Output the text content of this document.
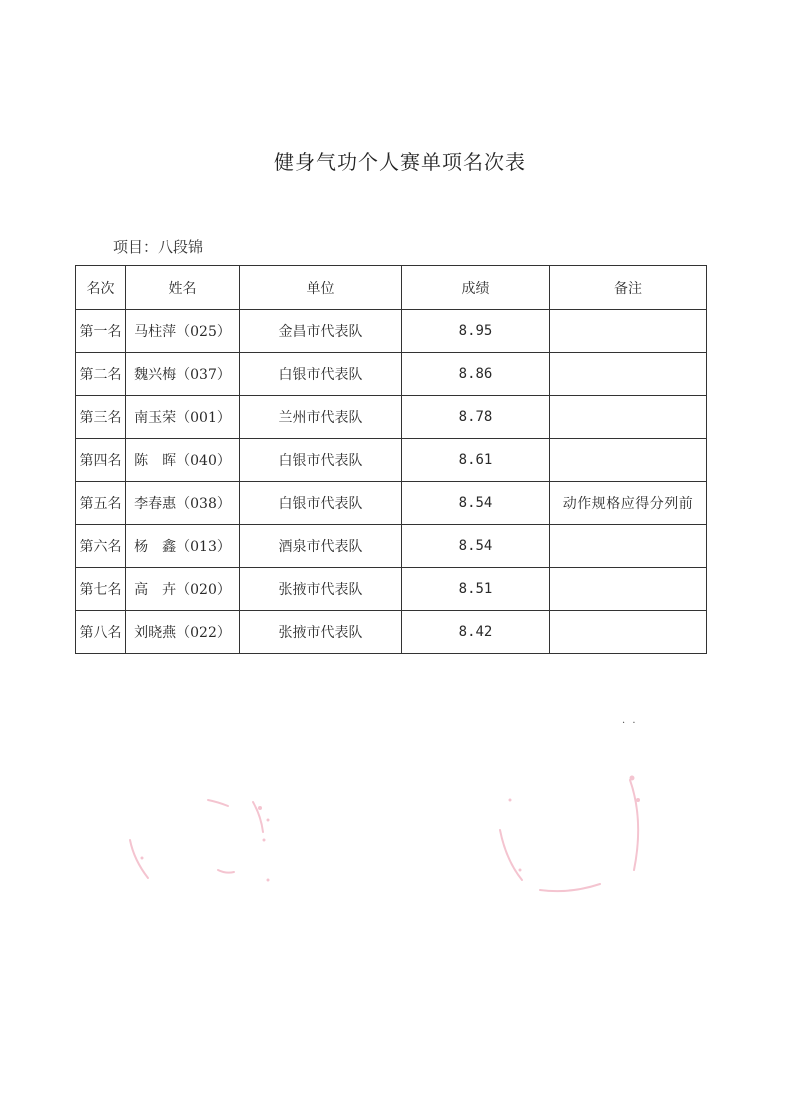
健身气功个人赛单项名次表
项目：八段锦
名次	姓名	单位	成绩	备注
第一名	马柱萍（025）	金昌市代表队	8.95	
第二名	魏兴梅（037）	白银市代表队	8.86	
第三名	南玉荣（001）	兰州市代表队	8.78	
第四名	陈　晖（040）	白银市代表队	8.61	
第五名	李春惠（038）	白银市代表队	8.54	动作规格应得分列前
第六名	杨　鑫（013）	酒泉市代表队	8.54	
第七名	高　卉（020）	张掖市代表队	8.51	
第八名	刘晓燕（022）	张掖市代表队	8.42	
· ·
